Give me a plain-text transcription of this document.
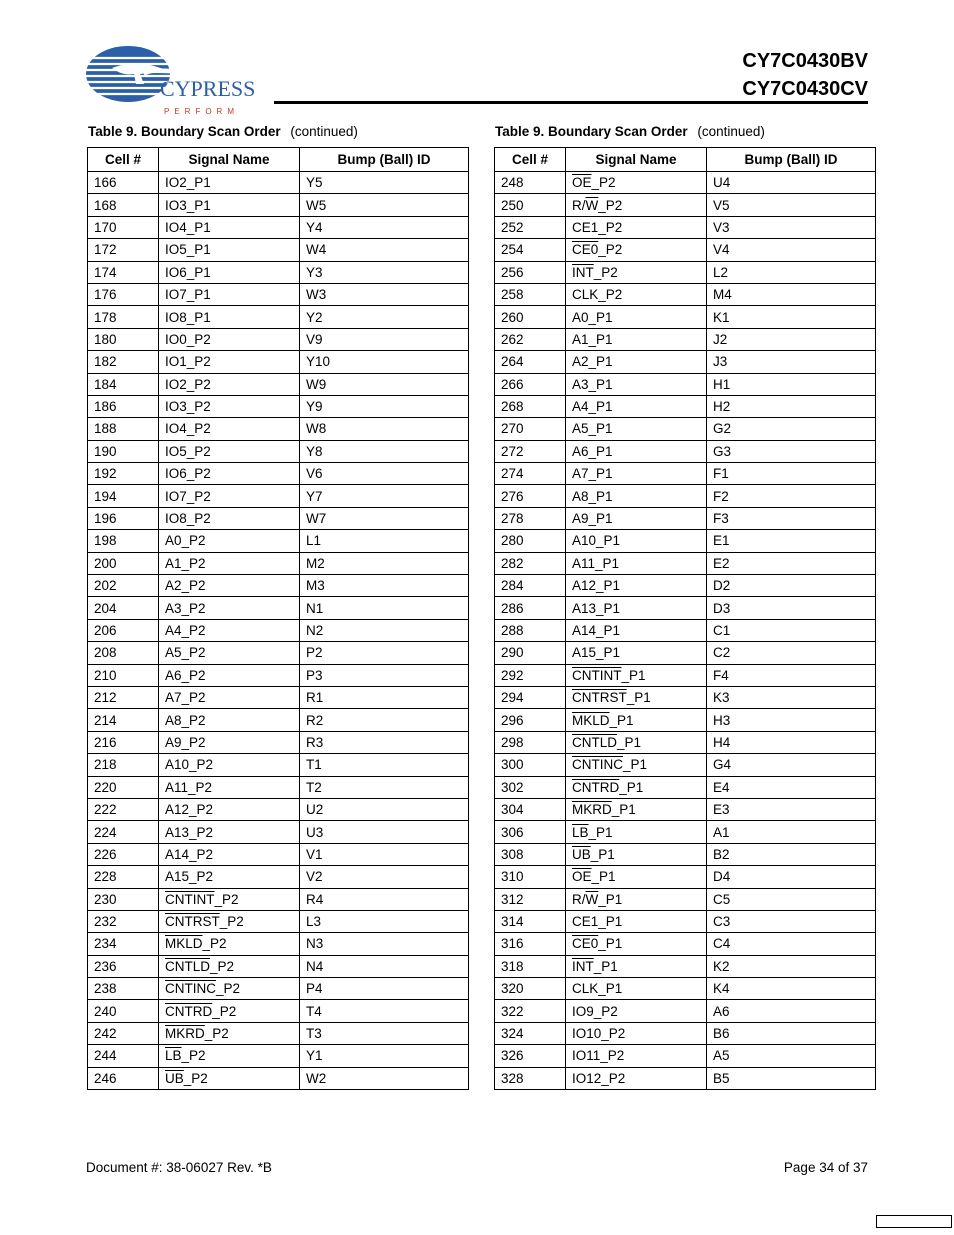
CYPRESS
PERFORM
CY7C0430BV
CY7C0430CV
Table 9. Boundary Scan Order (continued)	Table 9. Boundary Scan Order (continued)
Cell #	Signal Name	Bump (Ball) ID
166	IO2_P1	Y5
168	IO3_P1	W5
170	IO4_P1	Y4
172	IO5_P1	W4
174	IO6_P1	Y3
176	IO7_P1	W3
178	IO8_P1	Y2
180	IO0_P2	V9
182	IO1_P2	Y10
184	IO2_P2	W9
186	IO3_P2	Y9
188	IO4_P2	W8
190	IO5_P2	Y8
192	IO6_P2	V6
194	IO7_P2	Y7
196	IO8_P2	W7
198	A0_P2	L1
200	A1_P2	M2
202	A2_P2	M3
204	A3_P2	N1
206	A4_P2	N2
208	A5_P2	P2
210	A6_P2	P3
212	A7_P2	R1
214	A8_P2	R2
216	A9_P2	R3
218	A10_P2	T1
220	A11_P2	T2
222	A12_P2	U2
224	A13_P2	U3
226	A14_P2	V1
228	A15_P2	V2
230	CNTINT_P2	R4
232	CNTRST_P2	L3
234	MKLD_P2	N3
236	CNTLD_P2	N4
238	CNTINC_P2	P4
240	CNTRD_P2	T4
242	MKRD_P2	T3
244	$\overline{LB}\_P2$	Y1
246	$\overline{UB}\_P2$	W2
Cell #	Signal Name	Bump (Ball) ID
248	$\overline{OE}\_P2$	U4
250	$R/\overline{W}\_P2$	V5
252	CE1_P2	V3
254	CE0_P2	V4
256	$\overline{INT}\_P2$	L2
258	CLK_P2	M4
260	A0_P1	K1
262	A1_P1	J2
264	A2_P1	J3
266	A3_P1	H1
268	A4_P1	H2
270	A5_P1	G2
272	A6_P1	G3
274	A7_P1	F1
276	A8_P1	F2
278	A9_P1	F3
280	A10_P1	E1
282	A11_P1	E2
284	A12_P1	D2
286	A13_P1	D3
288	A14_P1	C1
290	A15_P1	C2
292	CNTINT_P1	F4
294	CNTRST_P1	K3
296	MKLD_P1	H3
298	CNTLD_P1	H4
300	CNTINC_P1	G4
302	CNTRD_P1	E4
304	MKRD_P1	E3
306	$\overline{LB}\_P1$	A1
308	$\overline{UB}\_P1$	B2
310	$\overline{OE}\_P1$	D4
312	$R/\overline{W}\_P1$	C5
314	CE1_P1	C3
316	CE0_P1	C4
318	$\overline{INT}\_P1$	K2
320	CLK_P1	K4
322	IO9_P2	A6
324	IO10_P2	B6
326	IO11_P2	A5
328	IO12_P2	B5
Document #: 38-06027 Rev. *B	Page 34 of 37
